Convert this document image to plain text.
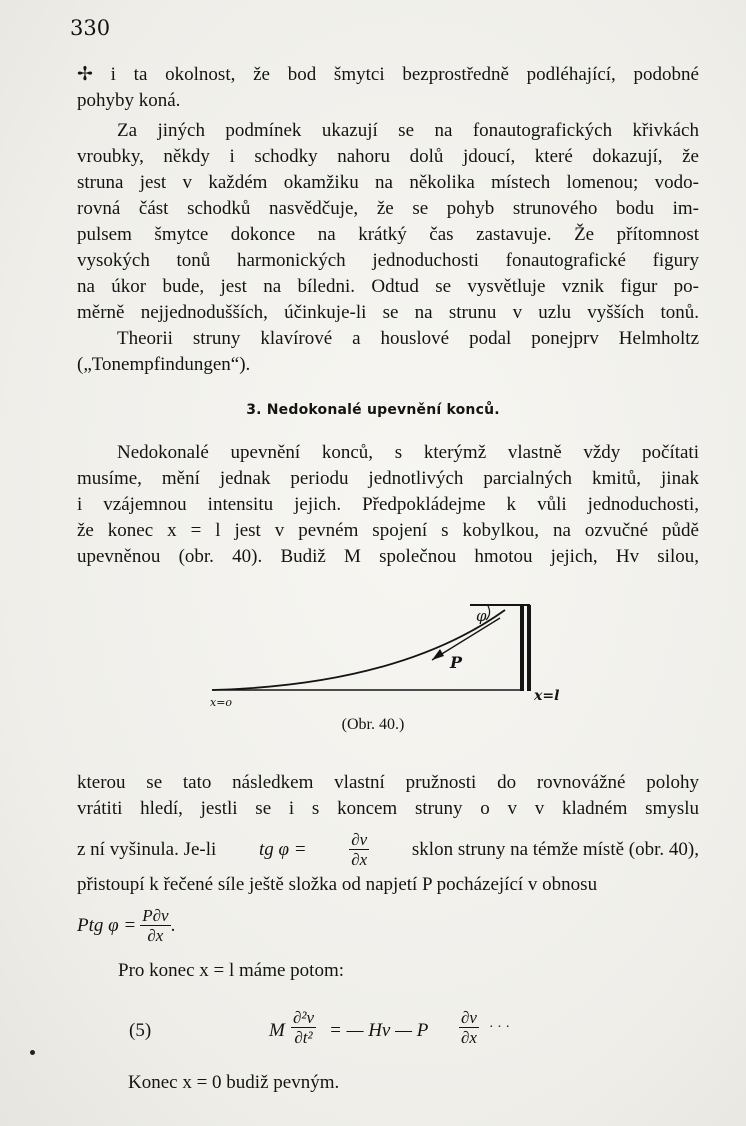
330
✢ i ta okolnost, že bod šmytci bezprostředně podléhající, podobné
pohyby koná.
Za jiných podmínek ukazují se na fonautografických křivkách
vroubky, někdy i schodky nahoru dolů jdoucí, které dokazují, že
struna jest v každém okamžiku na několika místech lomenou; vodo-
rovná část schodků nasvědčuje, že se pohyb strunového bodu im-
pulsem šmytce dokonce na krátký čas zastavuje. Že přítomnost
vysokých tonů harmonických jednoduchosti fonautografické figury
na úkor bude, jest na bíledni. Odtud se vysvětluje vznik figur po-
měrně nejjednodušších, účinkuje-li se na strunu v uzlu vyšších tonů.
Theorii struny klavírové a houslové podal ponejprv Helmholtz
(„Tonempfindungen“).
3. Nedokonalé upevnění konců.
Nedokonalé upevnění konců, s kterýmž vlastně vždy počítati
musíme, mění jednak periodu jednotlivých parcialných kmitů, jinak
i vzájemnou intensitu jejich. Předpokládejme k vůli jednoduchosti,
že konec x = l jest v pevném spojení s kobylkou, na ozvučné půdě
upevněnou (obr. 40). Budiž M společnou hmotou jejich, Hv silou,
φ
P
x=o	x=l
(Obr. 40.)
kterou se tato následkem vlastní pružnosti do rovnovážné polohy
vrátiti hledí, jestli se i s koncem struny o v v kladném smyslu
z ní vyšinula. Je-li tg φ =	$\frac{\partial v}{\partial x}$ sklon struny na témže místě (obr. 40),
přistoupí k řečené síle ještě složka od napjetí P pocházející v obnosu
Ptg $\varphi = \frac{P\partial v}{\partial x}$ .
Pro konec x = l máme potom:
(5)	M $\frac{\text{∂²v}}{\text{∂t²}}$ = — Hv — P $\frac{\partial v}{\partial x}$ · · ·
Konec x = 0 budiž pevným.
